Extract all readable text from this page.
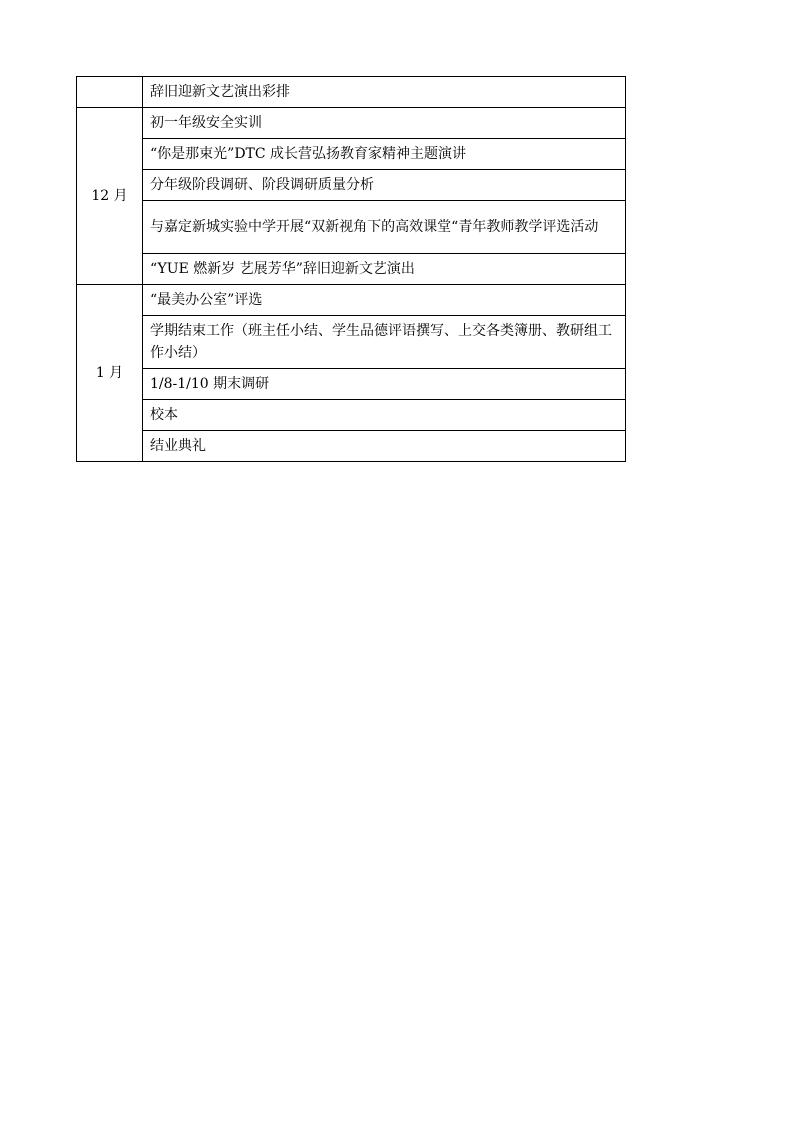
	辞旧迎新文艺演出彩排
12 月	初一年级安全实训
	“你是那束光”DTC 成长营弘扬教育家精神主题演讲
	分年级阶段调研、阶段调研质量分析
	与嘉定新城实验中学开展“双新视角下的高效课堂“青年教师教学评选活动
	“YUE 燃新岁 艺展芳华”辞旧迎新文艺演出
1 月	“最美办公室”评选
	学期结束工作（班主任小结、学生品德评语撰写、上交各类簿册、教研组工作小结）
	1/8-1/10 期末调研
	校本
	结业典礼
